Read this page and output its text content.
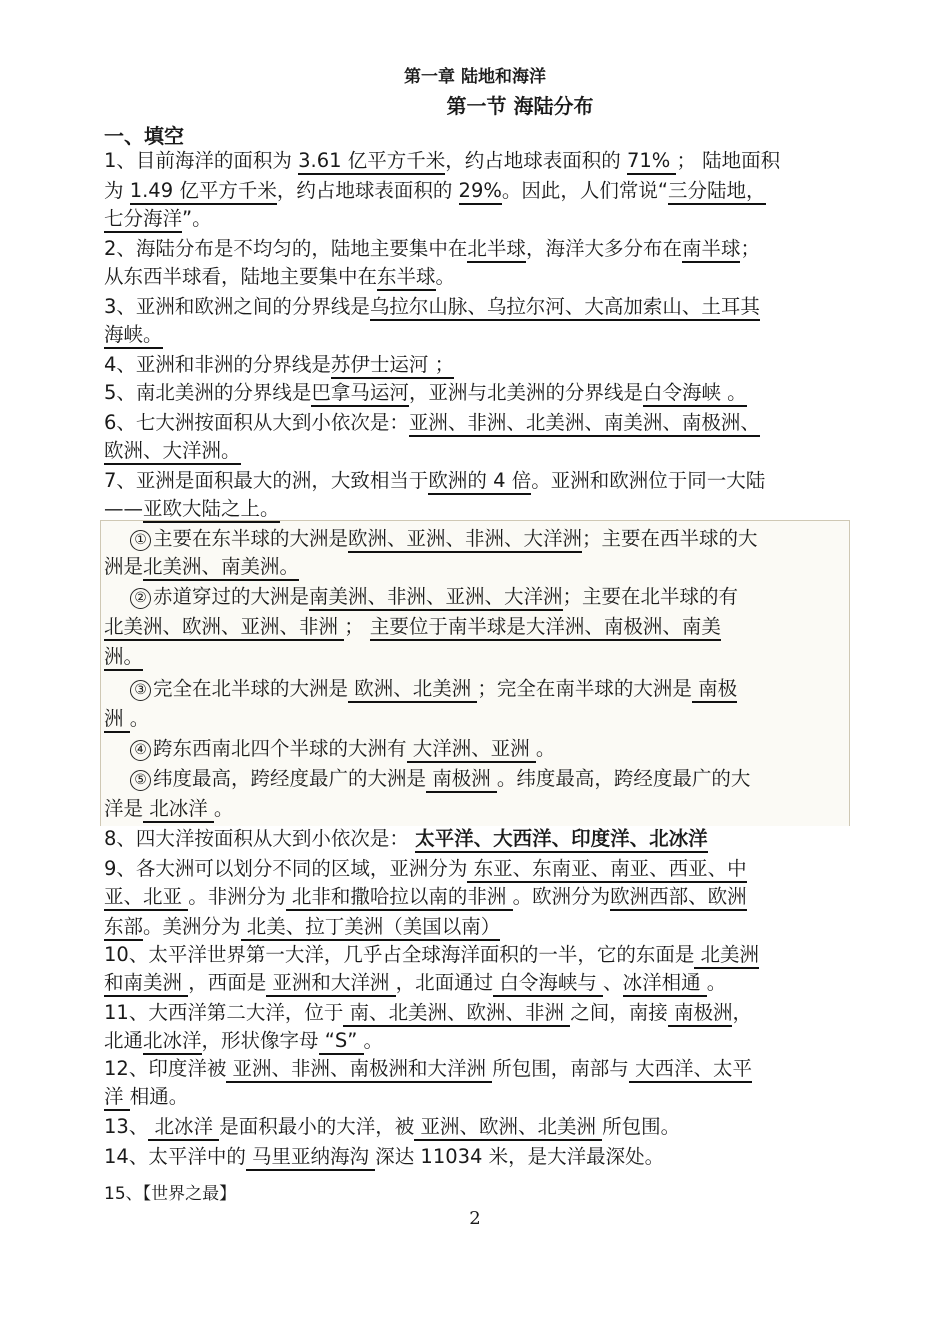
第一章 陆地和海洋
第一节 海陆分布
一、填空
1、目前海洋的面积为 3.61 亿平方千米，约占地球表面积的 71% ； 陆地面积
为 1.49 亿平方千米，约占地球表面积的 29%。因此，人们常说“三分陆地，
七分海洋”。
2、海陆分布是不均匀的，陆地主要集中在北半球，海洋大多分布在南半球；
从东西半球看，陆地主要集中在东半球。
3、亚洲和欧洲之间的分界线是乌拉尔山脉、乌拉尔河、大高加索山、土耳其
海峡。
4、亚洲和非洲的分界线是苏伊士运河 ；
5、南北美洲的分界线是巴拿马运河，亚洲与北美洲的分界线是白令海峡 。
6、七大洲按面积从大到小依次是：亚洲、非洲、北美洲、南美洲、南极洲、
欧洲、大洋洲。
7、亚洲是面积最大的洲，大致相当于欧洲的 4 倍。亚洲和欧洲位于同一大陆
——亚欧大陆之上。
① 主要在东半球的大洲是欧洲、亚洲、非洲、大洋洲；主要在西半球的大
洲是北美洲、南美洲。
② 赤道穿过的大洲是南美洲、非洲、亚洲、大洋洲；主要在北半球的有
北美洲、欧洲、亚洲、非洲 ； 主要位于南半球是大洋洲、南极洲、南美
洲。
③ 完全在北半球的大洲是 欧洲、北美洲 ；完全在南半球的大洲是 南极
洲 。
④ 跨东西南北四个半球的大洲有 大洋洲、亚洲 。
⑤ 纬度最高，跨经度最广的大洲是 南极洲 。纬度最高，跨经度最广的大
洋是 北冰洋 。
8、四大洋按面积从大到小依次是： 太平洋、大西洋、印度洋、北冰洋
9、各大洲可以划分不同的区域，亚洲分为 东亚、东南亚、南亚、西亚、中
亚、北亚 。非洲分为 北非和撒哈拉以南的非洲 。欧洲分为欧洲西部、欧洲
东部。美洲分为 北美、拉丁美洲（美国以南）
10、太平洋世界第一大洋，几乎占全球海洋面积的一半，它的东面是 北美洲
和南美洲 ，西面是 亚洲和大洋洲 ，北面通过 白令海峡与 、冰洋相通 。
11、大西洋第二大洋，位于 南、北美洲、欧洲、非洲 之间，南接 南极洲，
北通北冰洋，形状像字母 “S” 。
12、印度洋被 亚洲、非洲、南极洲和大洋洲 所包围，南部与 大西洋、太平
洋 相通。
13、 北冰洋 是面积最小的大洋，被 亚洲、欧洲、北美洲 所包围。
14、太平洋中的 马里亚纳海沟 深达 11034 米，是大洋最深处。
15、【世界之最】
2
